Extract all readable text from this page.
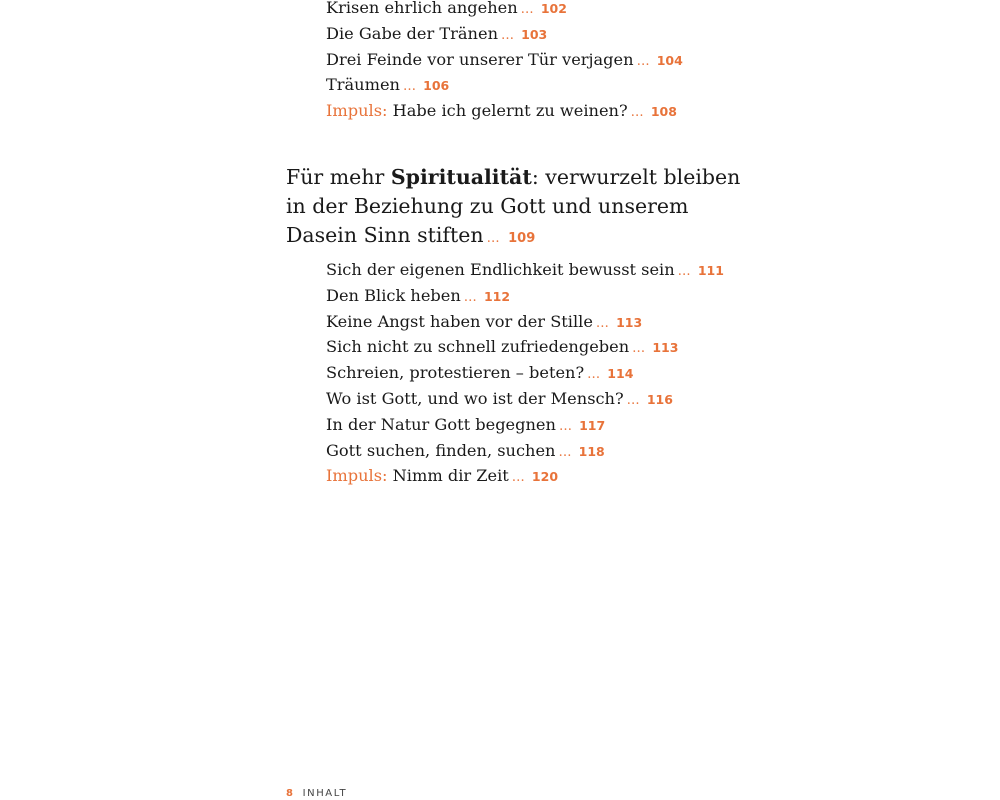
Krisen ehrlich angehen … 102
Die Gabe der Tränen … 103
Drei Feinde vor unserer Tür verjagen … 104
Träumen … 106
Impuls: Habe ich gelernt zu weinen? … 108
Für mehr Spiritualität: verwurzelt bleiben in der Beziehung zu Gott und unserem Dasein Sinn stiften … 109
Sich der eigenen Endlichkeit bewusst sein … 111
Den Blick heben … 112
Keine Angst haben vor der Stille … 113
Sich nicht zu schnell zufriedengeben … 113
Schreien, protestieren – beten? … 114
Wo ist Gott, und wo ist der Mensch? … 116
In der Natur Gott begegnen … 117
Gott suchen, finden, suchen … 118
Impuls: Nimm dir Zeit … 120
8 INHALT
